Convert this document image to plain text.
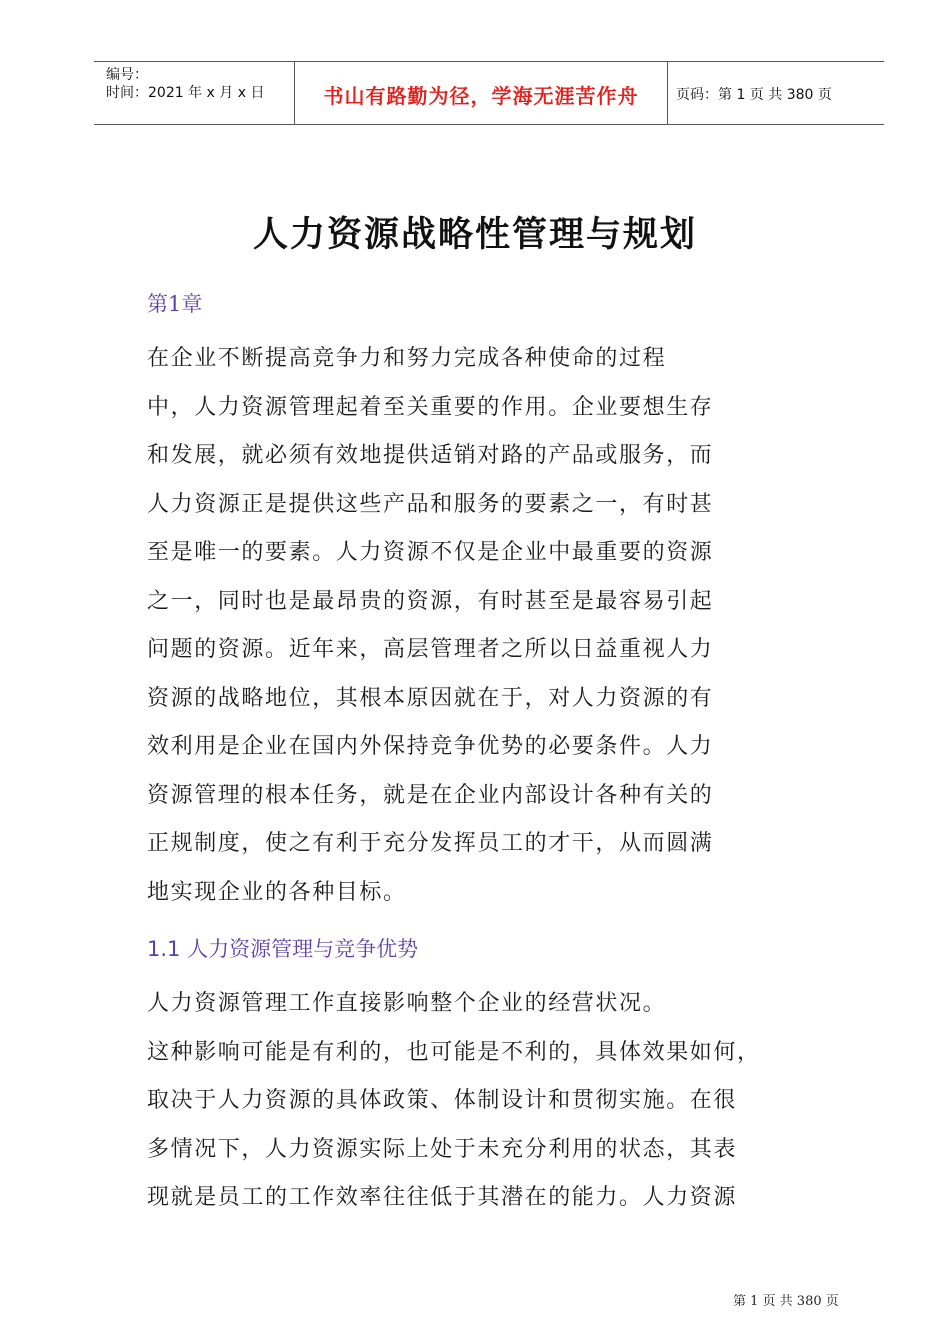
编号：
时间：2021 年 x 月 x 日	书山有路勤为径，学海无涯苦作舟	页码：第 1 页 共 380 页
人力资源战略性管理与规划
第1章
在企业不断提高竞争力和努力完成各种使命的过程
中，人力资源管理起着至关重要的作用。企业要想生存
和发展，就必须有效地提供适销对路的产品或服务，而
人力资源正是提供这些产品和服务的要素之一，有时甚
至是唯一的要素。人力资源不仅是企业中最重要的资源
之一，同时也是最昂贵的资源，有时甚至是最容易引起
问题的资源。近年来，高层管理者之所以日益重视人力
资源的战略地位，其根本原因就在于，对人力资源的有
效利用是企业在国内外保持竞争优势的必要条件。人力
资源管理的根本任务，就是在企业内部设计各种有关的
正规制度，使之有利于充分发挥员工的才干，从而圆满
地实现企业的各种目标。
1.1 人力资源管理与竞争优势
人力资源管理工作直接影响整个企业的经营状况。
这种影响可能是有利的，也可能是不利的，具体效果如何，
取决于人力资源的具体政策、体制设计和贯彻实施。在很
多情况下，人力资源实际上处于未充分利用的状态，其表
现就是员工的工作效率往往低于其潜在的能力。人力资源
第 1 页 共 380 页
